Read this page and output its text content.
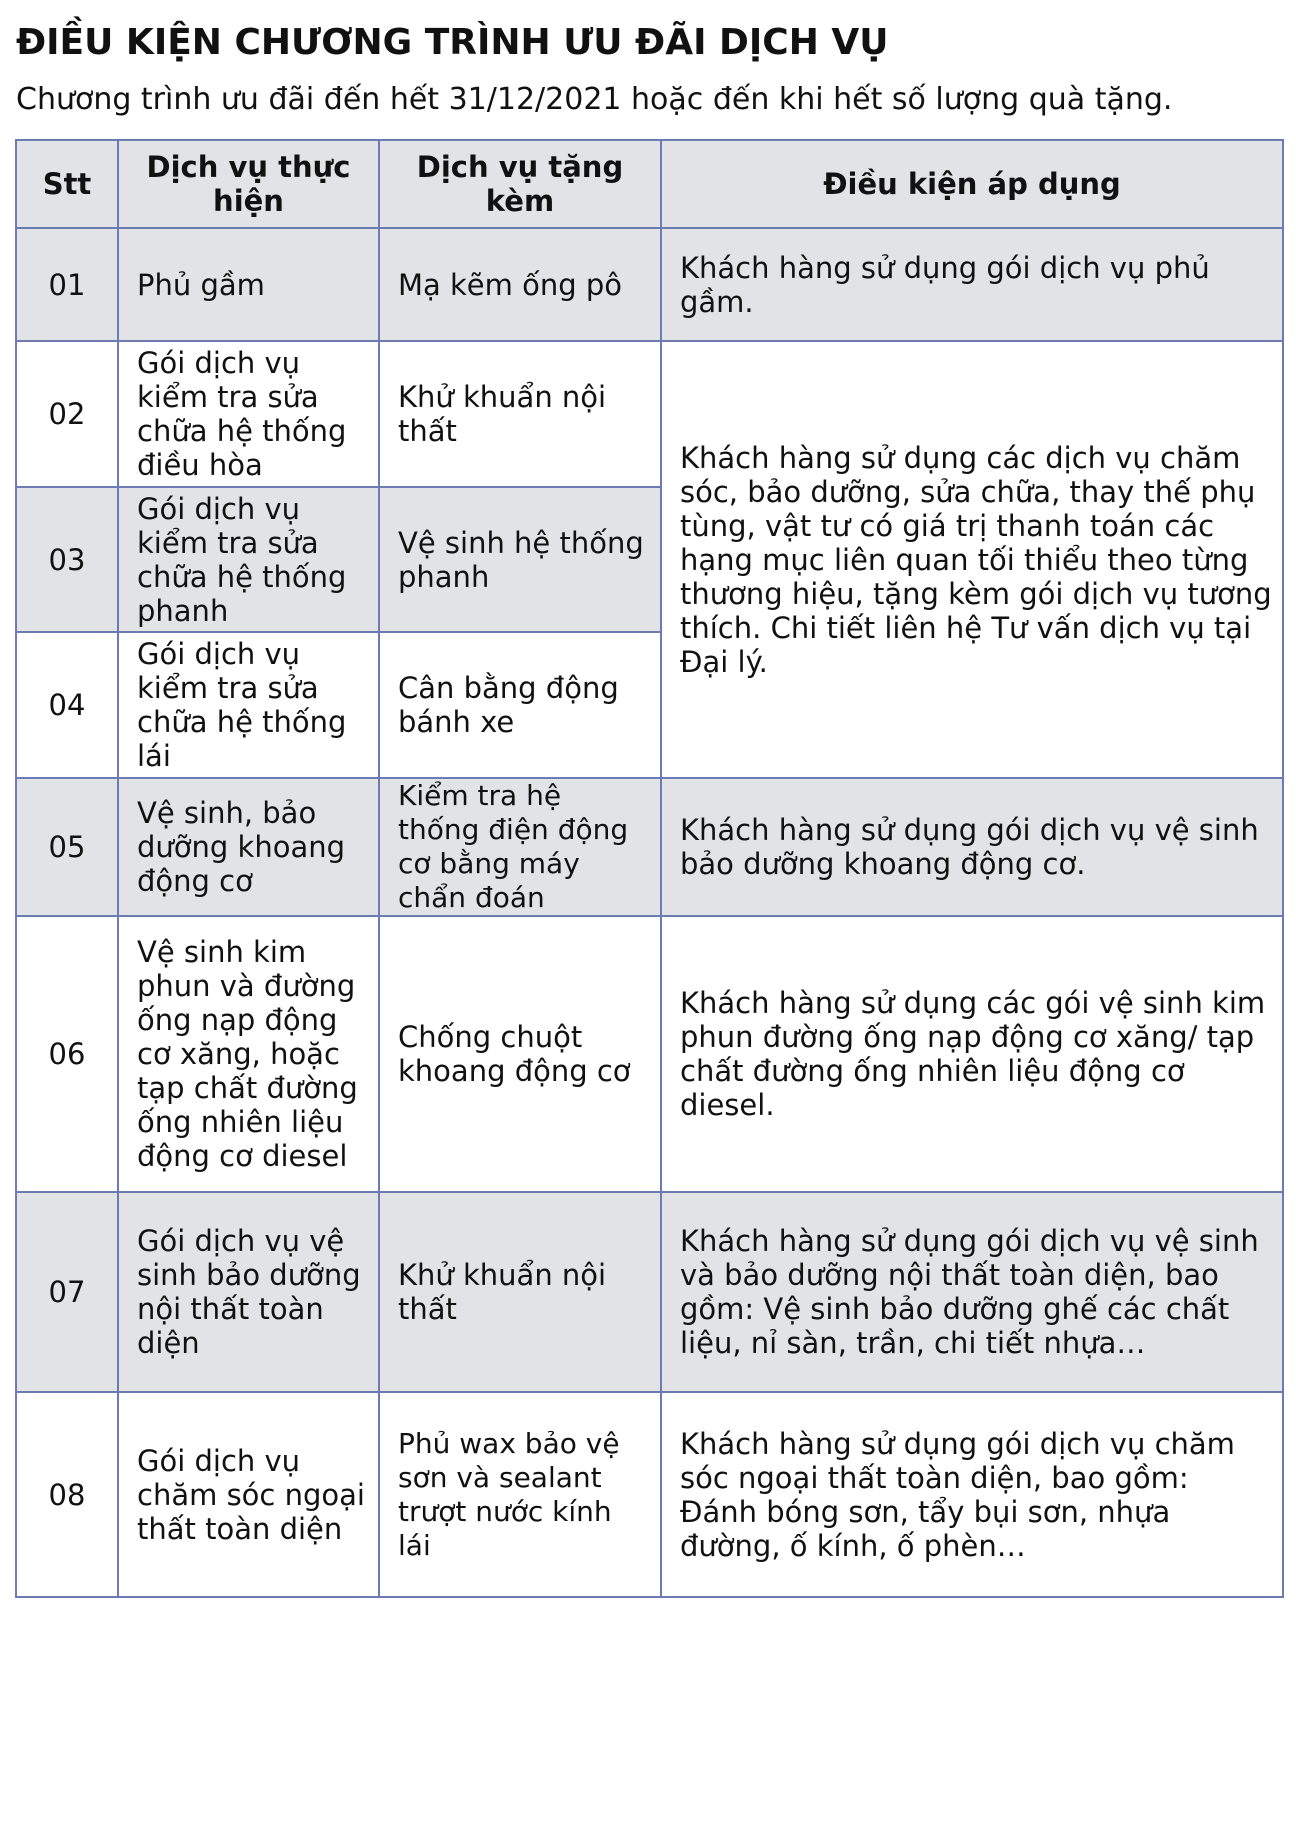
ĐIỀU KIỆN CHƯƠNG TRÌNH ƯU ĐÃI DỊCH VỤ
Chương trình ưu đãi đến hết 31/12/2021 hoặc đến khi hết số lượng quà tặng.
Stt	Dịch vụ thực hiện	Dịch vụ tặng kèm	Điều kiện áp dụng
01	Phủ gầm	Mạ kẽm ống pô	Khách hàng sử dụng gói dịch vụ phủ gầm.
02	Gói dịch vụ kiểm tra sửa chữa hệ thống điều hòa	Khử khuẩn nội thất	Khách hàng sử dụng các dịch vụ chăm sóc, bảo dưỡng, sửa chữa, thay thế phụ tùng, vật tư có giá trị thanh toán các hạng mục liên quan tối thiểu theo từng thương hiệu, tặng kèm gói dịch vụ tương thích. Chi tiết liên hệ Tư vấn dịch vụ tại Đại lý.
03	Gói dịch vụ kiểm tra sửa chữa hệ thống phanh	Vệ sinh hệ thống phanh	
04	Gói dịch vụ kiểm tra sửa chữa hệ thống lái	Cân bằng động bánh xe	
05	Vệ sinh, bảo dưỡng khoang động cơ	Kiểm tra hệ thống điện động cơ bằng máy chẩn đoán	Khách hàng sử dụng gói dịch vụ vệ sinh bảo dưỡng khoang động cơ.
06	Vệ sinh kim phun và đường ống nạp động cơ xăng, hoặc tạp chất đường ống nhiên liệu động cơ diesel	Chống chuột khoang động cơ	Khách hàng sử dụng các gói vệ sinh kim phun đường ống nạp động cơ xăng/ tạp chất đường ống nhiên liệu động cơ diesel.
07	Gói dịch vụ vệ sinh bảo dưỡng nội thất toàn diện	Khử khuẩn nội thất	Khách hàng sử dụng gói dịch vụ vệ sinh và bảo dưỡng nội thất toàn diện, bao gồm: Vệ sinh bảo dưỡng ghế các chất liệu, nỉ sàn, trần, chi tiết nhựa…
08	Gói dịch vụ chăm sóc ngoại thất toàn diện	Phủ wax bảo vệ sơn và sealant trượt nước kính lái	Khách hàng sử dụng gói dịch vụ chăm sóc ngoại thất toàn diện, bao gồm: Đánh bóng sơn, tẩy bụi sơn, nhựa đường, ố kính, ố phèn…
